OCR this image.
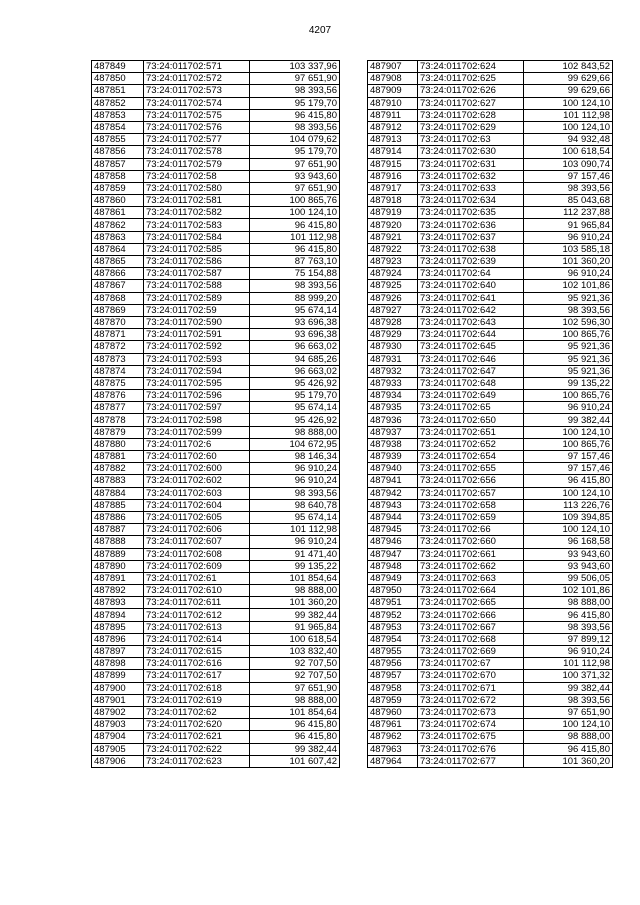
4207
487849	73:24:011702:571	103 337,96
487850	73:24:011702:572	97 651,90
487851	73:24:011702:573	98 393,56
487852	73:24:011702:574	95 179,70
487853	73:24:011702:575	96 415,80
487854	73:24:011702:576	98 393,56
487855	73:24:011702:577	104 079,62
487856	73:24:011702:578	95 179,70
487857	73:24:011702:579	97 651,90
487858	73:24:011702:58	93 943,60
487859	73:24:011702:580	97 651,90
487860	73:24:011702:581	100 865,76
487861	73:24:011702:582	100 124,10
487862	73:24:011702:583	96 415,80
487863	73:24:011702:584	101 112,98
487864	73:24:011702:585	96 415,80
487865	73:24:011702:586	87 763,10
487866	73:24:011702:587	75 154,88
487867	73:24:011702:588	98 393,56
487868	73:24:011702:589	88 999,20
487869	73:24:011702:59	95 674,14
487870	73:24:011702:590	93 696,38
487871	73:24:011702:591	93 696,38
487872	73:24:011702:592	96 663,02
487873	73:24:011702:593	94 685,26
487874	73:24:011702:594	96 663,02
487875	73:24:011702:595	95 426,92
487876	73:24:011702:596	95 179,70
487877	73:24:011702:597	95 674,14
487878	73:24:011702:598	95 426,92
487879	73:24:011702:599	98 888,00
487880	73:24:011702:6	104 672,95
487881	73:24:011702:60	98 146,34
487882	73:24:011702:600	96 910,24
487883	73:24:011702:602	96 910,24
487884	73:24:011702:603	98 393,56
487885	73:24:011702:604	98 640,78
487886	73:24:011702:605	95 674,14
487887	73:24:011702:606	101 112,98
487888	73:24:011702:607	96 910,24
487889	73:24:011702:608	91 471,40
487890	73:24:011702:609	99 135,22
487891	73:24:011702:61	101 854,64
487892	73:24:011702:610	98 888,00
487893	73:24:011702:611	101 360,20
487894	73:24:011702:612	99 382,44
487895	73:24:011702:613	91 965,84
487896	73:24:011702:614	100 618,54
487897	73:24:011702:615	103 832,40
487898	73:24:011702:616	92 707,50
487899	73:24:011702:617	92 707,50
487900	73:24:011702:618	97 651,90
487901	73:24:011702:619	98 888,00
487902	73:24:011702:62	101 854,64
487903	73:24:011702:620	96 415,80
487904	73:24:011702:621	96 415,80
487905	73:24:011702:622	99 382,44
487906	73:24:011702:623	101 607,42
487907	73:24:011702:624	102 843,52
487908	73:24:011702:625	99 629,66
487909	73:24:011702:626	99 629,66
487910	73:24:011702:627	100 124,10
487911	73:24:011702:628	101 112,98
487912	73:24:011702:629	100 124,10
487913	73:24:011702:63	94 932,48
487914	73:24:011702:630	100 618,54
487915	73:24:011702:631	103 090,74
487916	73:24:011702:632	97 157,46
487917	73:24:011702:633	98 393,56
487918	73:24:011702:634	85 043,68
487919	73:24:011702:635	112 237,88
487920	73:24:011702:636	91 965,84
487921	73:24:011702:637	96 910,24
487922	73:24:011702:638	103 585,18
487923	73:24:011702:639	101 360,20
487924	73:24:011702:64	96 910,24
487925	73:24:011702:640	102 101,86
487926	73:24:011702:641	95 921,36
487927	73:24:011702:642	98 393,56
487928	73:24:011702:643	102 596,30
487929	73:24:011702:644	100 865,76
487930	73:24:011702:645	95 921,36
487931	73:24:011702:646	95 921,36
487932	73:24:011702:647	95 921,36
487933	73:24:011702:648	99 135,22
487934	73:24:011702:649	100 865,76
487935	73:24:011702:65	96 910,24
487936	73:24:011702:650	99 382,44
487937	73:24:011702:651	100 124,10
487938	73:24:011702:652	100 865,76
487939	73:24:011702:654	97 157,46
487940	73:24:011702:655	97 157,46
487941	73:24:011702:656	96 415,80
487942	73:24:011702:657	100 124,10
487943	73:24:011702:658	113 226,76
487944	73:24:011702:659	109 394,85
487945	73:24:011702:66	100 124,10
487946	73:24:011702:660	96 168,58
487947	73:24:011702:661	93 943,60
487948	73:24:011702:662	93 943,60
487949	73:24:011702:663	99 506,05
487950	73:24:011702:664	102 101,86
487951	73:24:011702:665	98 888,00
487952	73:24:011702:666	96 415,80
487953	73:24:011702:667	98 393,56
487954	73:24:011702:668	97 899,12
487955	73:24:011702:669	96 910,24
487956	73:24:011702:67	101 112,98
487957	73:24:011702:670	100 371,32
487958	73:24:011702:671	99 382,44
487959	73:24:011702:672	98 393,56
487960	73:24:011702:673	97 651,90
487961	73:24:011702:674	100 124,10
487962	73:24:011702:675	98 888,00
487963	73:24:011702:676	96 415,80
487964	73:24:011702:677	101 360,20
